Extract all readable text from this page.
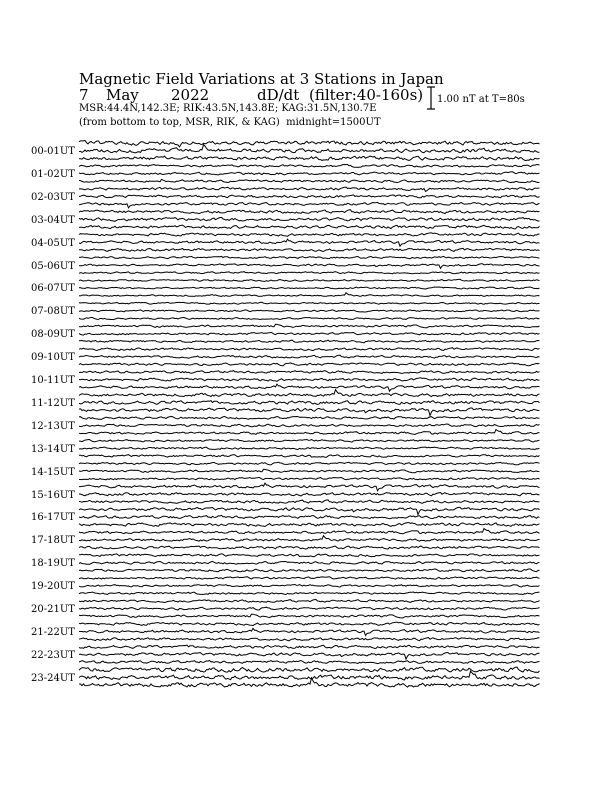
Magnetic Field Variations at 3 Stations in Japan
7 May 2022	dD/dt (filter:40-160s)
MSR:44.4N,142.3E; RIK:43.5N,143.8E; KAG:31.5N,130.7E
(from bottom to top, MSR, RIK, & KAG) midnight=1500UT
1.00 nT at T=80s
00-01UT
01-02UT
02-03UT
03-04UT
04-05UT
05-06UT
06-07UT
07-08UT
08-09UT
09-10UT
10-11UT
11-12UT
12-13UT
13-14UT
14-15UT
15-16UT
16-17UT
17-18UT
18-19UT
19-20UT
20-21UT
21-22UT
22-23UT
23-24UT
